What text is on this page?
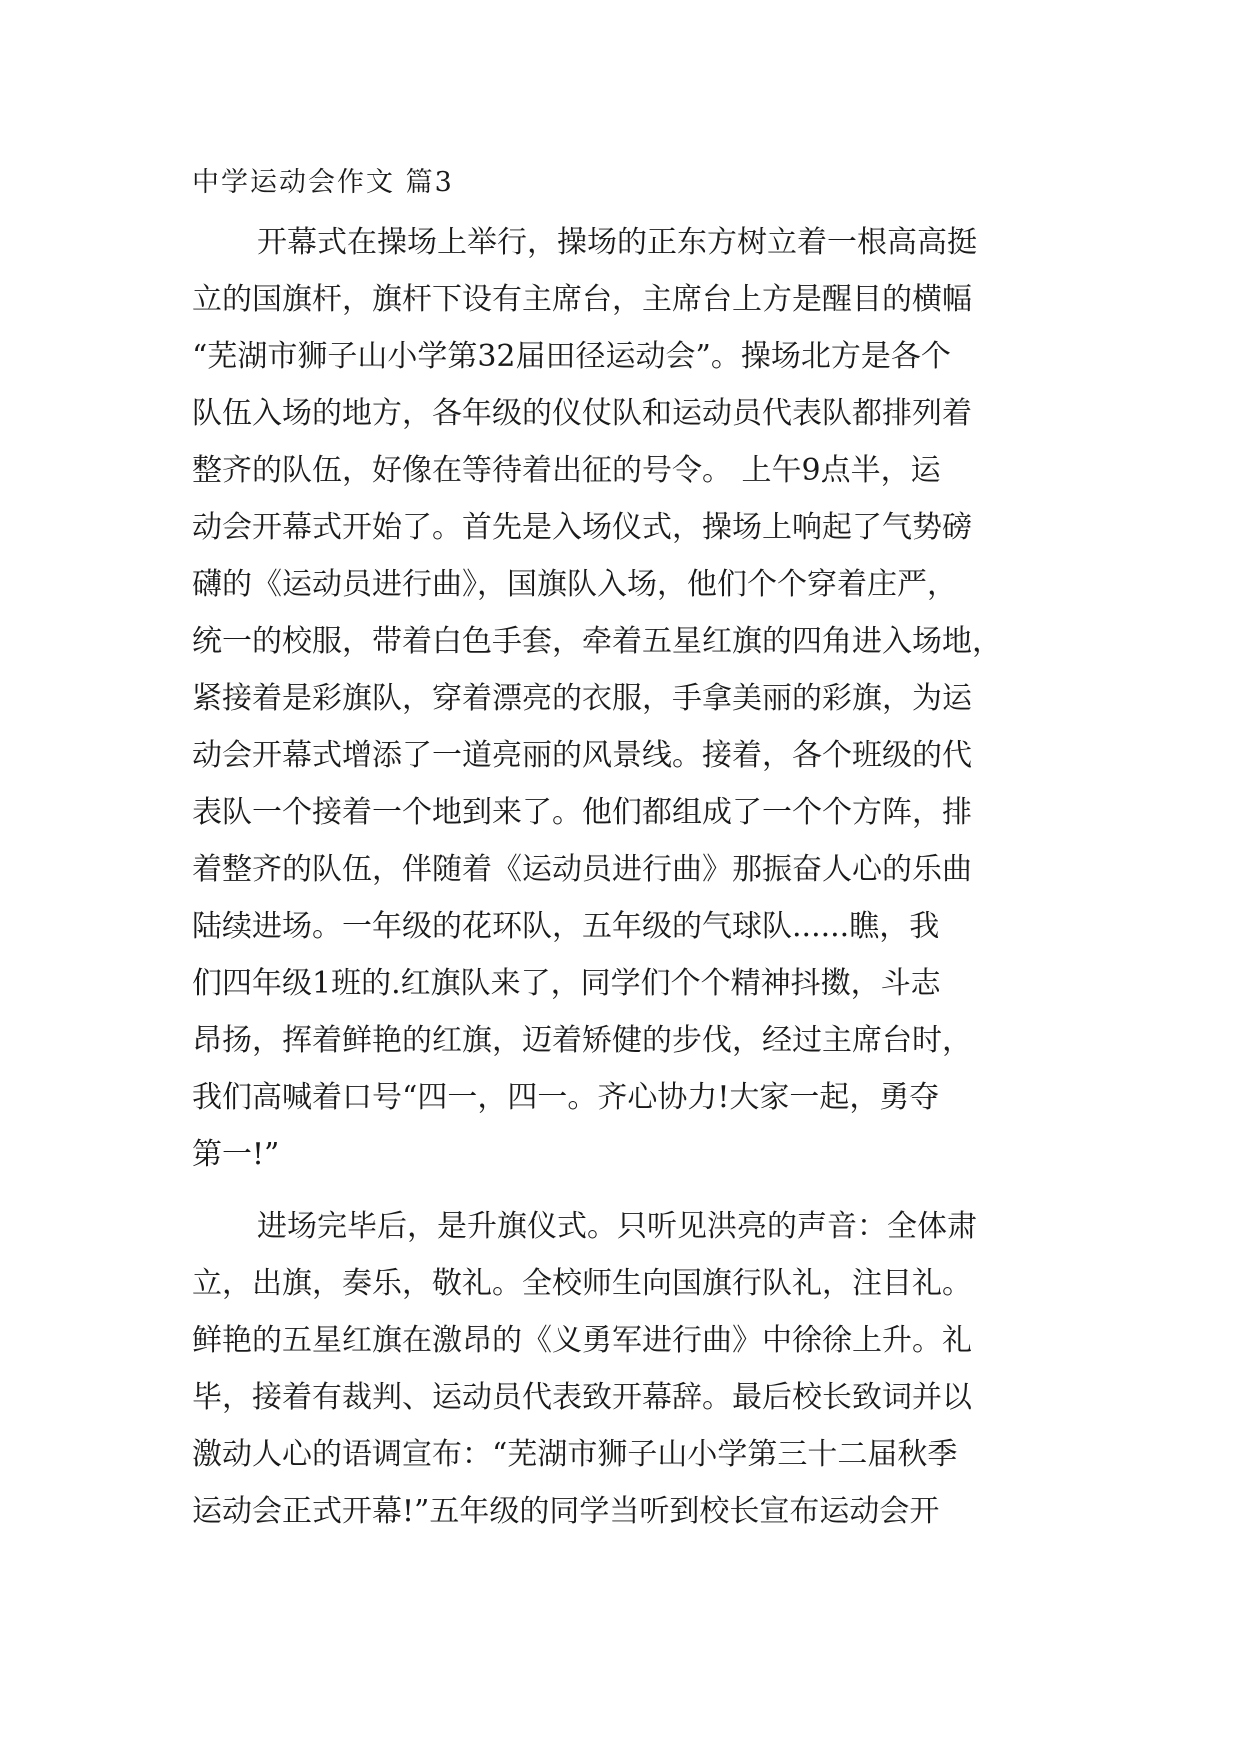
中学运动会作文 篇3
开幕式在操场上举行，操场的正东方树立着一根高高挺
立的国旗杆，旗杆下设有主席台，主席台上方是醒目的横幅
“芜湖市狮子山小学第32届田径运动会”。操场北方是各个
队伍入场的地方，各年级的仪仗队和运动员代表队都排列着
整齐的队伍，好像在等待着出征的号令。 上午9点半，运
动会开幕式开始了。首先是入场仪式，操场上响起了气势磅
礴的《运动员进行曲》，国旗队入场，他们个个穿着庄严，
统一的校服，带着白色手套，牵着五星红旗的四角进入场地，
紧接着是彩旗队，穿着漂亮的衣服，手拿美丽的彩旗，为运
动会开幕式增添了一道亮丽的风景线。接着，各个班级的代
表队一个接着一个地到来了。他们都组成了一个个方阵，排
着整齐的队伍，伴随着《运动员进行曲》那振奋人心的乐曲
陆续进场。一年级的花环队，五年级的气球队......瞧，我
们四年级1班的.红旗队来了，同学们个个精神抖擞，斗志
昂扬，挥着鲜艳的红旗，迈着矫健的步伐，经过主席台时，
我们高喊着口号“四一，四一。齐心协力!大家一起，勇夺
第一!”
进场完毕后，是升旗仪式。只听见洪亮的声音：全体肃
立，出旗，奏乐，敬礼。全校师生向国旗行队礼，注目礼。
鲜艳的五星红旗在激昂的《义勇军进行曲》中徐徐上升。礼
毕，接着有裁判、运动员代表致开幕辞。最后校长致词并以
激动人心的语调宣布：“芜湖市狮子山小学第三十二届秋季
运动会正式开幕!”五年级的同学当听到校长宣布运动会开
